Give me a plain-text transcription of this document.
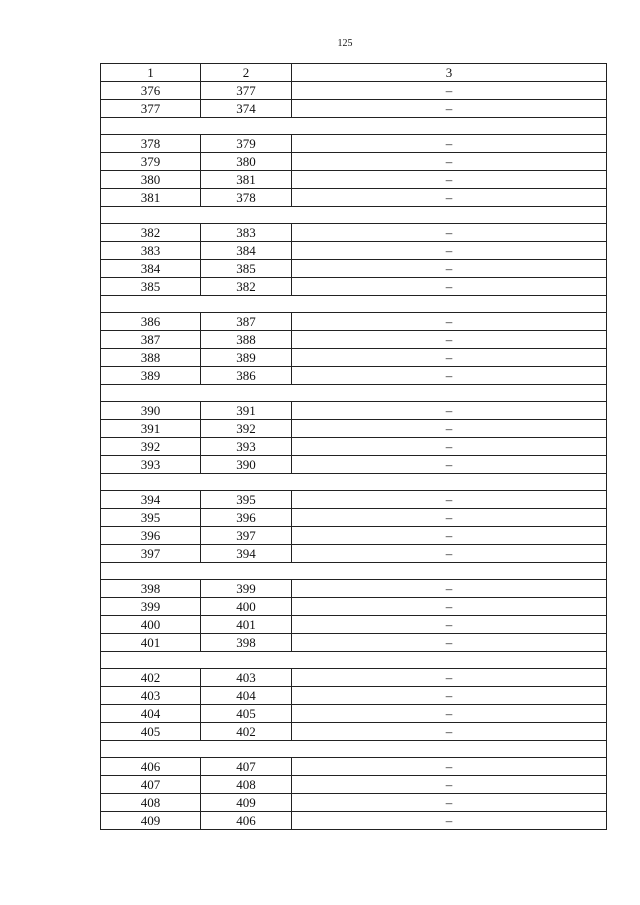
125
1	2	3
376	377	–
377	374	–

378	379	–
379	380	–
380	381	–
381	378	–

382	383	–
383	384	–
384	385	–
385	382	–

386	387	–
387	388	–
388	389	–
389	386	–

390	391	–
391	392	–
392	393	–
393	390	–

394	395	–
395	396	–
396	397	–
397	394	–

398	399	–
399	400	–
400	401	–
401	398	–

402	403	–
403	404	–
404	405	–
405	402	–

406	407	–
407	408	–
408	409	–
409	406	–
